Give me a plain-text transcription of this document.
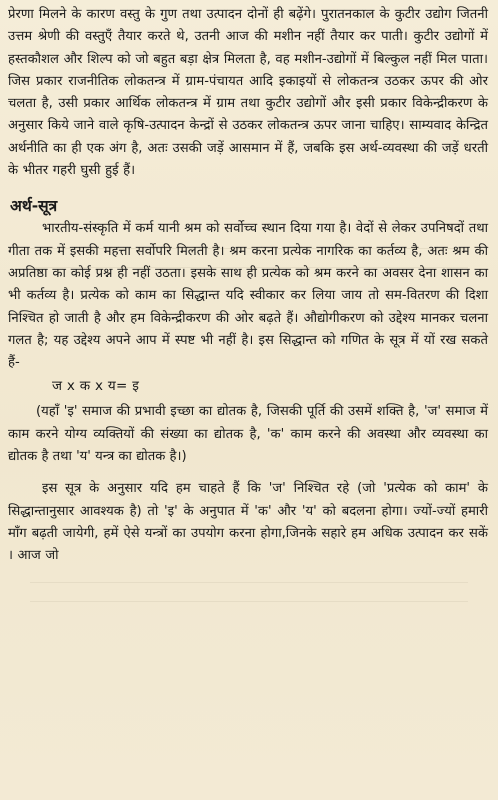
प्रेरणा मिलने के कारण वस्तु के गुण तथा उत्पादन दोनों ही बढ़ेंगे। पुरातनकाल के कुटीर उद्योग जितनी उत्तम श्रेणी की वस्तुएँ तैयार करते थे, उतनी आज की मशीन नहीं तैयार कर पाती। कुटीर उद्योगों में हस्तकौशल और शिल्प को जो बहुत बड़ा क्षेत्र मिलता है, वह मशीन-उद्योगों में बिल्कुल नहीं मिल पाता। जिस प्रकार राजनीतिक लोकतन्त्र में ग्राम-पंचायत आदि इकाइयों से लोकतन्त्र उठकर ऊपर की ओर चलता है, उसी प्रकार आर्थिक लोकतन्त्र में ग्राम तथा कुटीर उद्योगों और इसी प्रकार विकेन्द्रीकरण के अनुसार किये जाने वाले कृषि-उत्पादन केन्द्रों से उठकर लोकतन्त्र ऊपर जाना चाहिए। साम्यवाद केन्द्रित अर्थनीति का ही एक अंग है, अतः उसकी जड़ें आसमान में हैं, जबकि इस अर्थ-व्यवस्था की जड़ें धरती के भीतर गहरी घुसी हुई हैं।

अर्थ-सूत्र

भारतीय-संस्कृति में कर्म यानी श्रम को सर्वोच्च स्थान दिया गया है। वेदों से लेकर उपनिषदों तथा गीता तक में इसकी महत्ता सर्वोपरि मिलती है। श्रम करना प्रत्येक नागरिक का कर्तव्य है, अतः श्रम की अप्रतिष्ठा का कोई प्रश्न ही नहीं उठता। इसके साथ ही प्रत्येक को श्रम करने का अवसर देना शासन का भी कर्तव्य है। प्रत्येक को काम का सिद्धान्त यदि स्वीकार कर लिया जाय तो सम-वितरण की दिशा निश्चित हो जाती है और हम विकेन्द्रीकरण की ओर बढ़ते हैं। औद्योगीकरण को उद्देश्य मानकर चलना गलत है; यह उद्देश्य अपने आप में स्पष्ट भी नहीं है। इस सिद्धान्त को गणित के सूत्र में यों रख सकते हैं-

ज x क x य= इ

(यहाँ 'इ' समाज की प्रभावी इच्छा का द्योतक है, जिसकी पूर्ति की उसमें शक्ति है, 'ज' समाज में काम करने योग्य व्यक्तियों की संख्या का द्योतक है, 'क' काम करने की अवस्था और व्यवस्था का द्योतक है तथा 'य' यन्त्र का द्योतक है।)

इस सूत्र के अनुसार यदि हम चाहते हैं कि 'ज' निश्चित रहे (जो 'प्रत्येक को काम' के सिद्धान्तानुसार आवश्यक है) तो 'इ' के अनुपात में 'क' और 'य' को बदलना होगा। ज्यों-ज्यों हमारी माँग बढ़ती जायेगी, हमें ऐसे यन्त्रों का उपयोग करना होगा,जिनके सहारे हम अधिक उत्पादन कर सकें । आज जो
